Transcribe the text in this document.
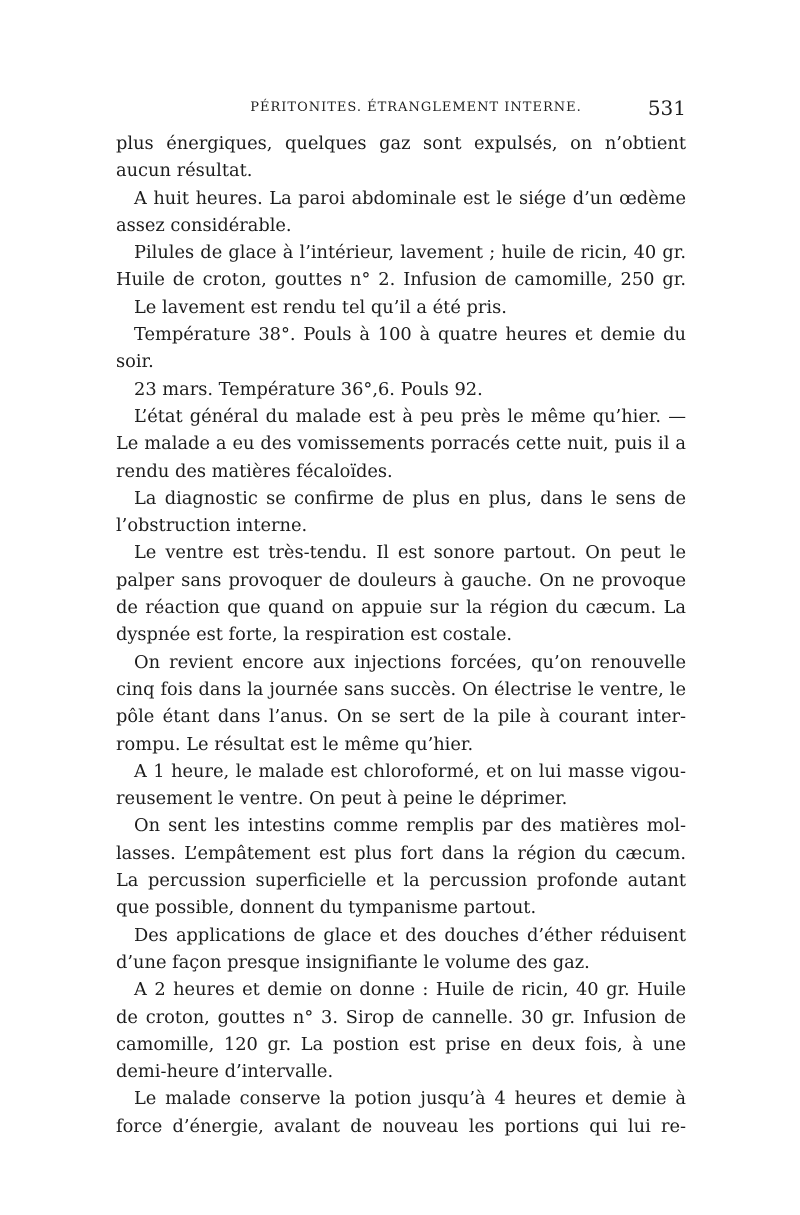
PÉRITONITES. ÉTRANGLEMENT INTERNE.	531
plus énergiques, quelques gaz sont expulsés, on n’obtient
aucun résultat.
A huit heures. La paroi abdominale est le siége d’un œdème
assez considérable.
Pilules de glace à l’intérieur, lavement ; huile de ricin, 40 gr.
Huile de croton, gouttes n° 2. Infusion de camomille, 250 gr.
Le lavement est rendu tel qu’il a été pris.
Température 38°. Pouls à 100 à quatre heures et demie du
soir.
23 mars. Température 36°,6. Pouls 92.
L’état général du malade est à peu près le même qu’hier. —
Le malade a eu des vomissements porracés cette nuit, puis il a
rendu des matières fécaloïdes.
La diagnostic se confirme de plus en plus, dans le sens de
l’obstruction interne.
Le ventre est très-tendu. Il est sonore partout. On peut le
palper sans provoquer de douleurs à gauche. On ne provoque
de réaction que quand on appuie sur la région du cæcum. La
dyspnée est forte, la respiration est costale.
On revient encore aux injections forcées, qu’on renouvelle
cinq fois dans la journée sans succès. On électrise le ventre, le
pôle étant dans l’anus. On se sert de la pile à courant inter-
rompu. Le résultat est le même qu’hier.
A 1 heure, le malade est chloroformé, et on lui masse vigou-
reusement le ventre. On peut à peine le déprimer.
On sent les intestins comme remplis par des matières mol-
lasses. L’empâtement est plus fort dans la région du cæcum.
La percussion superficielle et la percussion profonde autant
que possible, donnent du tympanisme partout.
Des applications de glace et des douches d’éther réduisent
d’une façon presque insignifiante le volume des gaz.
A 2 heures et demie on donne : Huile de ricin, 40 gr. Huile
de croton, gouttes n° 3. Sirop de cannelle. 30 gr. Infusion de
camomille, 120 gr. La postion est prise en deux fois, à une
demi-heure d’intervalle.
Le malade conserve la potion jusqu’à 4 heures et demie à
force d’énergie, avalant de nouveau les portions qui lui re-
